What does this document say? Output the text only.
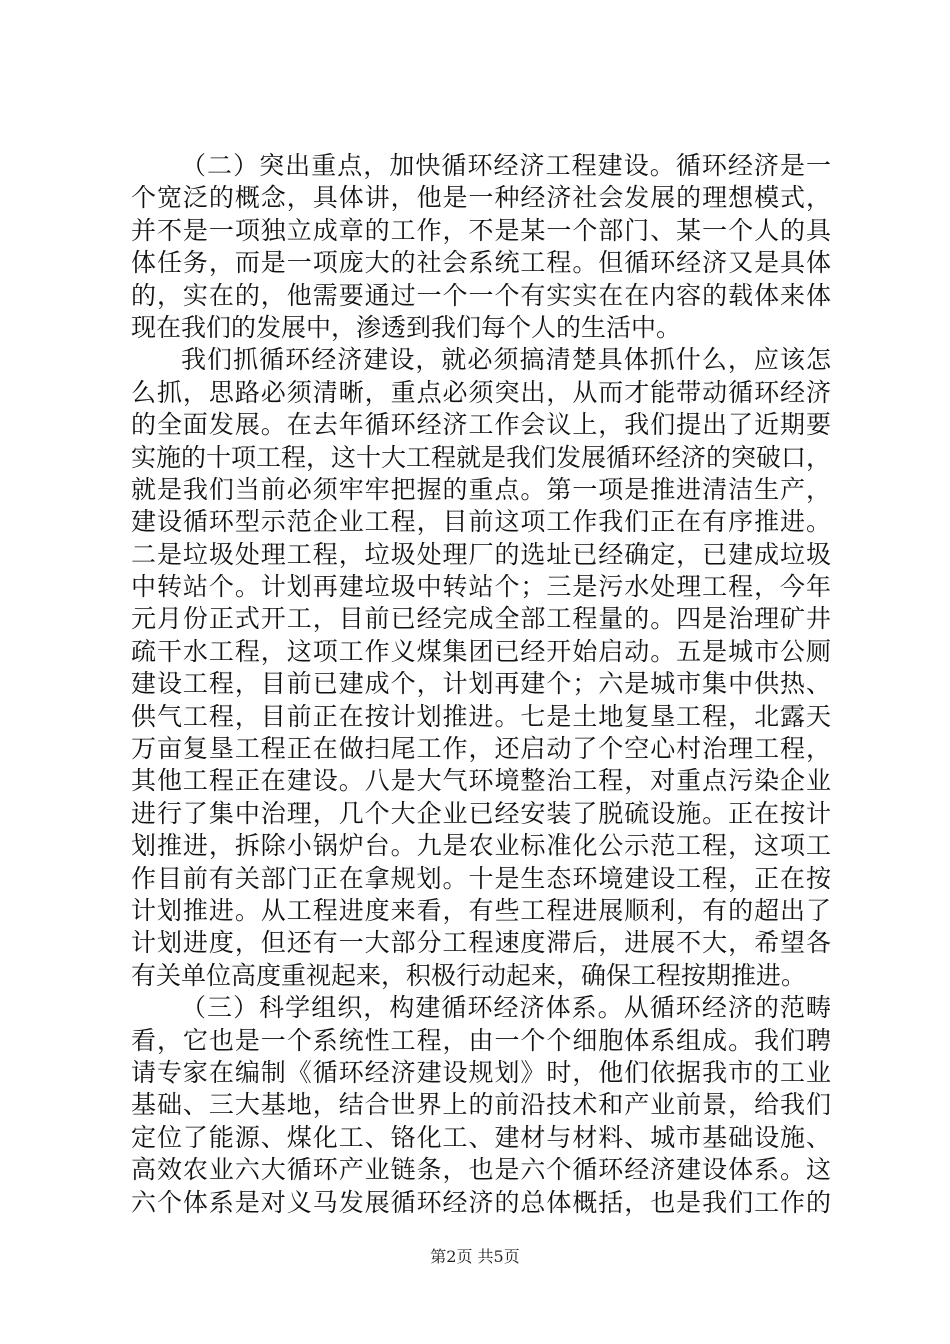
（二）突出重点，加快循环经济工程建设。循环经济是一
个宽泛的概念，具体讲，他是一种经济社会发展的理想模式，
并不是一项独立成章的工作，不是某一个部门、某一个人的具
体任务，而是一项庞大的社会系统工程。但循环经济又是具体
的，实在的，他需要通过一个一个有实实在在内容的载体来体
现在我们的发展中，渗透到我们每个人的生活中。
我们抓循环经济建设，就必须搞清楚具体抓什么，应该怎
么抓，思路必须清晰，重点必须突出，从而才能带动循环经济
的全面发展。在去年循环经济工作会议上，我们提出了近期要
实施的十项工程，这十大工程就是我们发展循环经济的突破口，
就是我们当前必须牢牢把握的重点。第一项是推进清洁生产，
建设循环型示范企业工程，目前这项工作我们正在有序推进。
二是垃圾处理工程，垃圾处理厂的选址已经确定，已建成垃圾
中转站个。计划再建垃圾中转站个；三是污水处理工程，今年
元月份正式开工，目前已经完成全部工程量的。四是治理矿井
疏干水工程，这项工作义煤集团已经开始启动。五是城市公厕
建设工程，目前已建成个，计划再建个；六是城市集中供热、
供气工程，目前正在按计划推进。七是土地复垦工程，北露天
万亩复垦工程正在做扫尾工作，还启动了个空心村治理工程，
其他工程正在建设。八是大气环境整治工程，对重点污染企业
进行了集中治理，几个大企业已经安装了脱硫设施。正在按计
划推进，拆除小锅炉台。九是农业标准化公示范工程，这项工
作目前有关部门正在拿规划。十是生态环境建设工程，正在按
计划推进。从工程进度来看，有些工程进展顺利，有的超出了
计划进度，但还有一大部分工程速度滞后，进展不大，希望各
有关单位高度重视起来，积极行动起来，确保工程按期推进。
（三）科学组织，构建循环经济体系。从循环经济的范畴
看，它也是一个系统性工程，由一个个细胞体系组成。我们聘
请专家在编制《循环经济建设规划》时，他们依据我市的工业
基础、三大基地，结合世界上的前沿技术和产业前景，给我们
定位了能源、煤化工、铬化工、建材与材料、城市基础设施、
高效农业六大循环产业链条，也是六个循环经济建设体系。这
六个体系是对义马发展循环经济的总体概括，也是我们工作的
第2页 共5页
